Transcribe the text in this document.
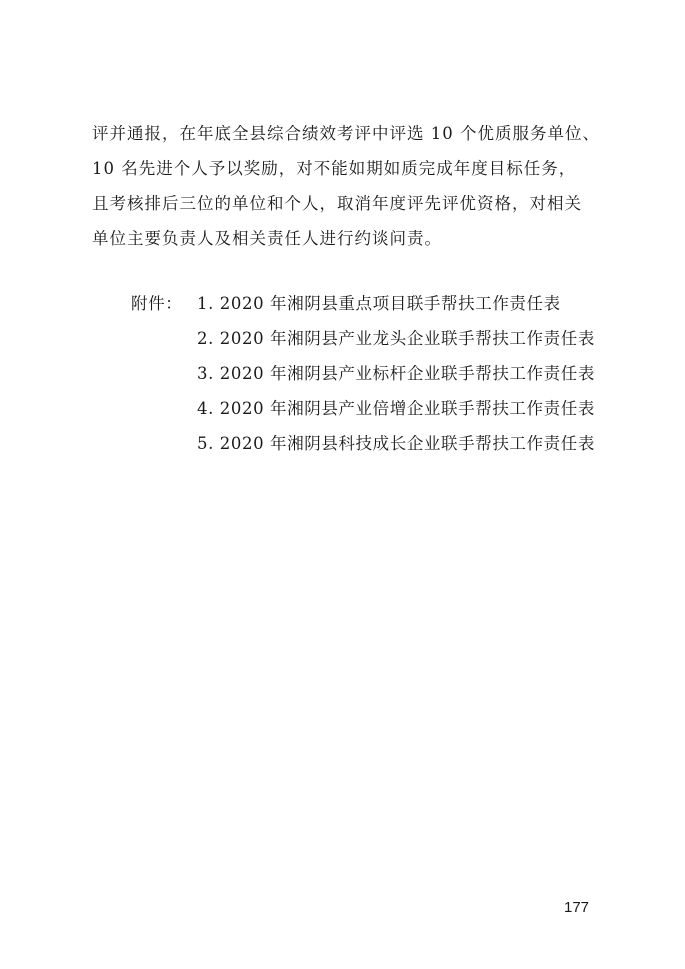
评并通报，在年底全县综合绩效考评中评选 10 个优质服务单位、
10 名先进个人予以奖励，对不能如期如质完成年度目标任务，
且考核排后三位的单位和个人，取消年度评先评优资格，对相关
单位主要负责人及相关责任人进行约谈问责。
附件： 1. 2020 年湘阴县重点项目联手帮扶工作责任表
2. 2020 年湘阴县产业龙头企业联手帮扶工作责任表
3. 2020 年湘阴县产业标杆企业联手帮扶工作责任表
4. 2020 年湘阴县产业倍增企业联手帮扶工作责任表
5. 2020 年湘阴县科技成长企业联手帮扶工作责任表
177
